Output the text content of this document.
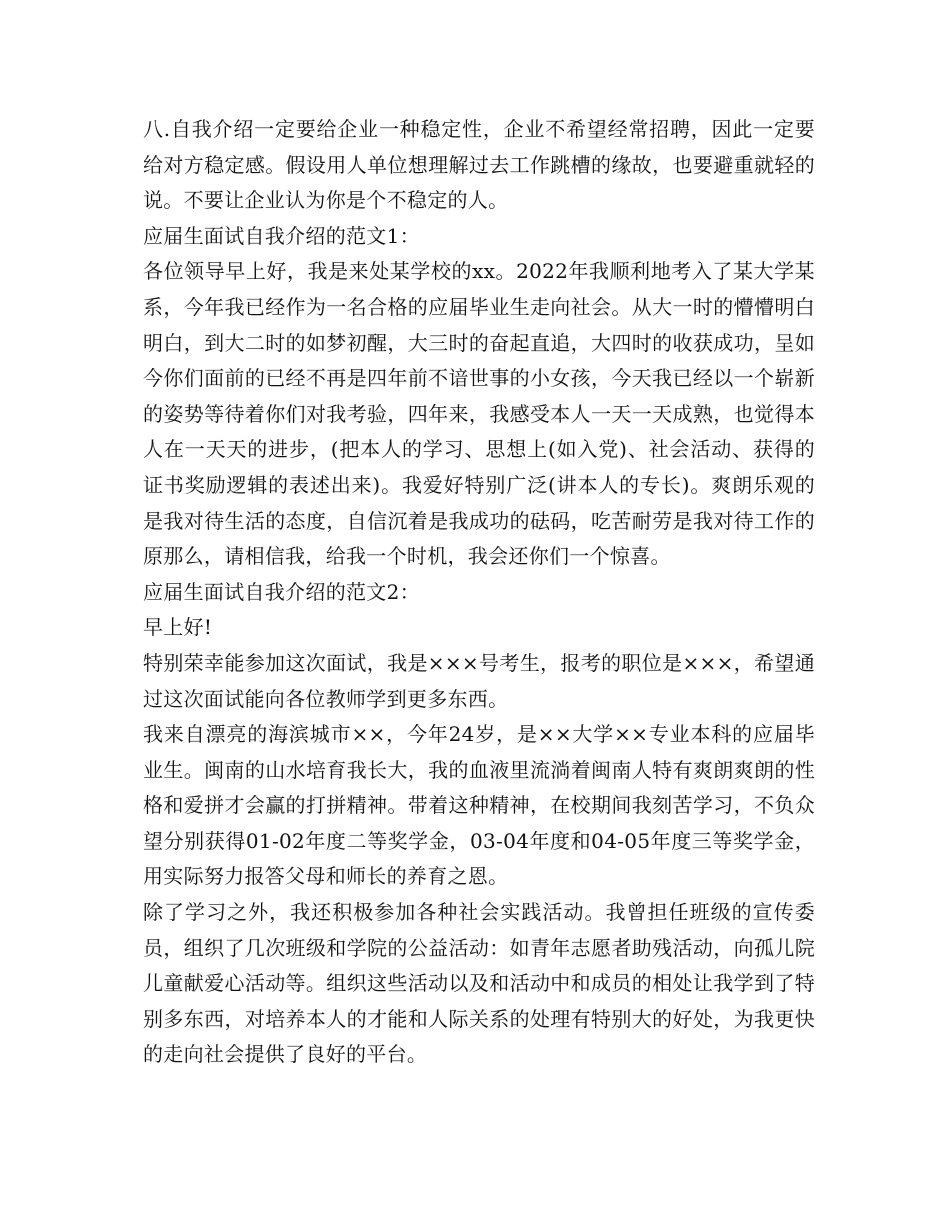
八.自我介绍一定要给企业一种稳定性，企业不希望经常招聘，因此一定要给对方稳定感。假设用人单位想理解过去工作跳槽的缘故，也要避重就轻的说。不要让企业认为你是个不稳定的人。

应届生面试自我介绍的范文1：

各位领导早上好，我是来处某学校的xx。2022年我顺利地考入了某大学某系，今年我已经作为一名合格的应届毕业生走向社会。从大一时的懵懵明白明白，到大二时的如梦初醒，大三时的奋起直追，大四时的收获成功，呈如今你们面前的已经不再是四年前不谙世事的小女孩，今天我已经以一个崭新的姿势等待着你们对我考验，四年来，我感受本人一天一天成熟，也觉得本人在一天天的进步，(把本人的学习、思想上(如入党)、社会活动、获得的证书奖励逻辑的表述出来)。我爱好特别广泛(讲本人的专长)。爽朗乐观的是我对待生活的态度，自信沉着是我成功的砝码，吃苦耐劳是我对待工作的原那么，请相信我，给我一个时机，我会还你们一个惊喜。

应届生面试自我介绍的范文2：

早上好!

特别荣幸能参加这次面试，我是×××号考生，报考的职位是×××，希望通过这次面试能向各位教师学到更多东西。

我来自漂亮的海滨城市××，今年24岁，是××大学××专业本科的应届毕业生。闽南的山水培育我长大，我的血液里流淌着闽南人特有爽朗爽朗的性格和爱拼才会赢的打拼精神。带着这种精神，在校期间我刻苦学习，不负众望分别获得01-02年度二等奖学金，03-04年度和04-05年度三等奖学金，用实际努力报答父母和师长的养育之恩。

除了学习之外，我还积极参加各种社会实践活动。我曾担任班级的宣传委员，组织了几次班级和学院的公益活动：如青年志愿者助残活动，向孤儿院儿童献爱心活动等。组织这些活动以及和活动中和成员的相处让我学到了特别多东西，对培养本人的才能和人际关系的处理有特别大的好处，为我更快的走向社会提供了良好的平台。
